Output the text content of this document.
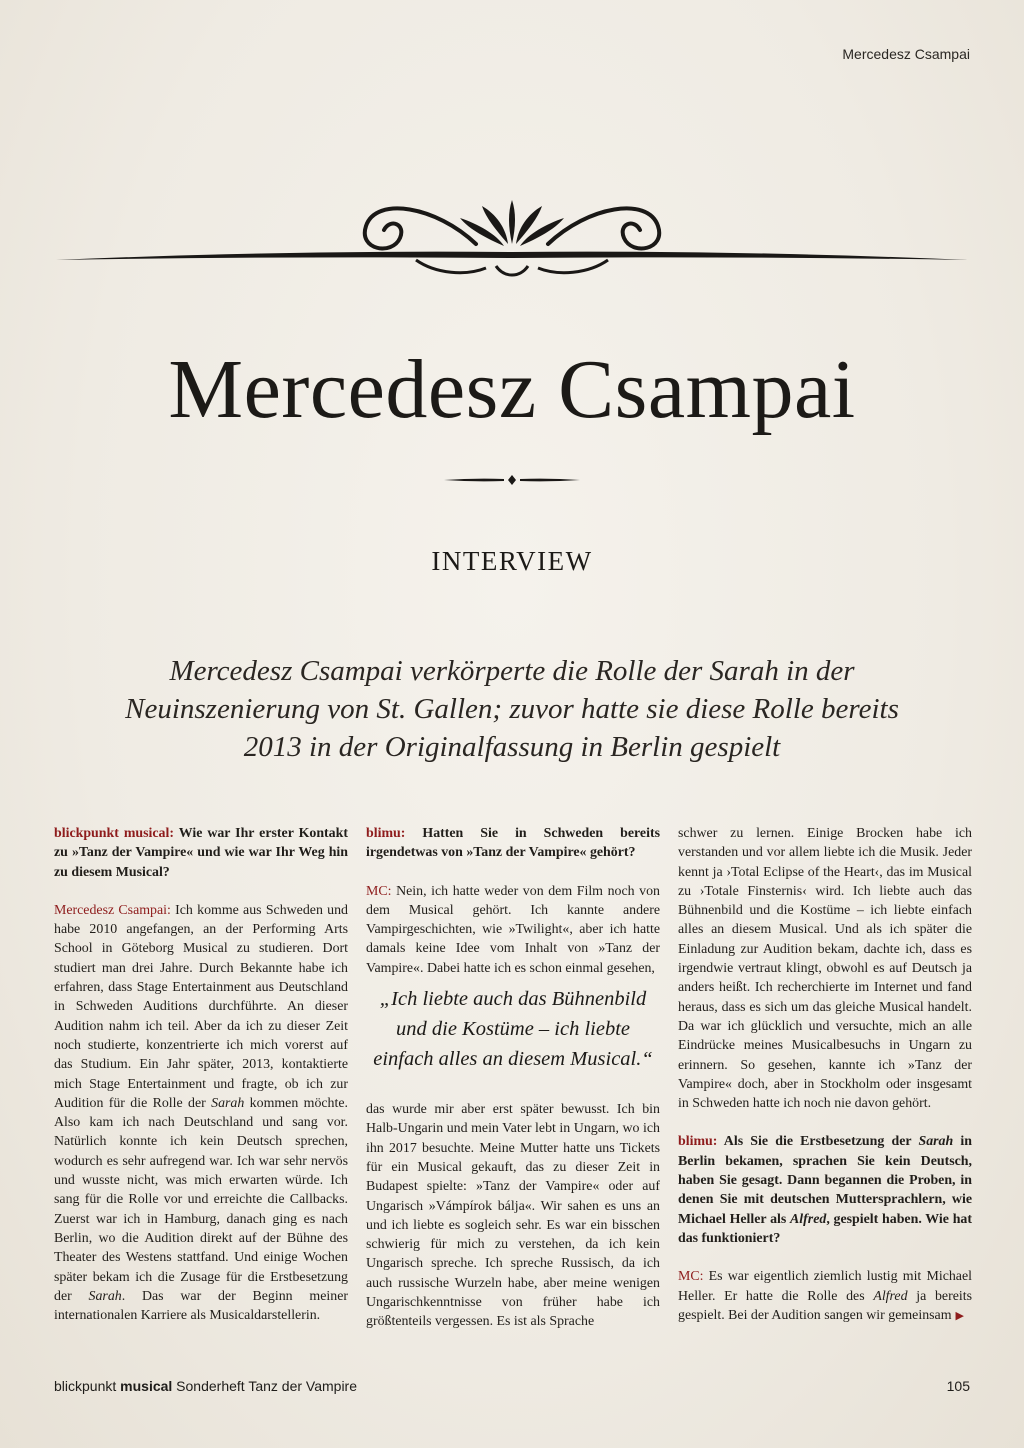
Mercedesz Csampai
Mercedesz Csampai
INTERVIEW

Mercedesz Csampai verkörperte die Rolle der Sarah in der Neuinszenierung von St. Gallen; zuvor hatte sie diese Rolle bereits 2013 in der Originalfassung in Berlin gespielt

blickpunkt musical: Wie war Ihr erster Kontakt zu »Tanz der Vampire« und wie war Ihr Weg hin zu diesem Musical?

Mercedesz Csampai: Ich komme aus Schweden und habe 2010 angefangen, an der Performing Arts School in Göteborg Musical zu studieren. Dort studiert man drei Jahre. Durch Bekannte habe ich erfahren, dass Stage Entertainment aus Deutschland in Schweden Auditions durchführte. An dieser Audition nahm ich teil. Aber da ich zu dieser Zeit noch studierte, konzentrierte ich mich vorerst auf das Studium. Ein Jahr später, 2013, kontaktierte mich Stage Entertainment und fragte, ob ich zur Audition für die Rolle der Sarah kommen möchte. Also kam ich nach Deutschland und sang vor. Natürlich konnte ich kein Deutsch sprechen, wodurch es sehr aufregend war. Ich war sehr nervös und wusste nicht, was mich erwarten würde. Ich sang für die Rolle vor und erreichte die Callbacks. Zuerst war ich in Hamburg, danach ging es nach Berlin, wo die Audition direkt auf der Bühne des Theater des Westens stattfand. Und einige Wochen später bekam ich die Zusage für die Erstbesetzung der Sarah. Das war der Beginn meiner internationalen Karriere als Musicaldarstellerin.

blimu: Hatten Sie in Schweden bereits irgendetwas von »Tanz der Vampire« gehört?

MC: Nein, ich hatte weder von dem Film noch von dem Musical gehört. Ich kannte andere Vampirgeschichten, wie »Twilight«, aber ich hatte damals keine Idee vom Inhalt von »Tanz der Vampire«. Dabei hatte ich es schon einmal gesehen,

„Ich liebte auch das Bühnenbild und die Kostüme – ich liebte einfach alles an diesem Musical.“

das wurde mir aber erst später bewusst. Ich bin Halb-Ungarin und mein Vater lebt in Ungarn, wo ich ihn 2017 besuchte. Meine Mutter hatte uns Tickets für ein Musical gekauft, das zu dieser Zeit in Budapest spielte: »Tanz der Vampire« oder auf Ungarisch »Vámpírok bálja«. Wir sahen es uns an und ich liebte es sogleich sehr. Es war ein bisschen schwierig für mich zu verstehen, da ich kein Ungarisch spreche. Ich spreche Russisch, da ich auch russische Wurzeln habe, aber meine wenigen Ungarischkenntnisse von früher habe ich größtenteils vergessen. Es ist als Sprache

schwer zu lernen. Einige Brocken habe ich verstanden und vor allem liebte ich die Musik. Jeder kennt ja ›Total Eclipse of the Heart‹, das im Musical zu ›Totale Finsternis‹ wird. Ich liebte auch das Bühnenbild und die Kostüme – ich liebte einfach alles an diesem Musical. Und als ich später die Einladung zur Audition bekam, dachte ich, dass es irgendwie vertraut klingt, obwohl es auf Deutsch ja anders heißt. Ich recherchierte im Internet und fand heraus, dass es sich um das gleiche Musical handelt. Da war ich glücklich und versuchte, mich an alle Eindrücke meines Musicalbesuchs in Ungarn zu erinnern. So gesehen, kannte ich »Tanz der Vampire« doch, aber in Stockholm oder insgesamt in Schweden hatte ich noch nie davon gehört.

blimu: Als Sie die Erstbesetzung der Sarah in Berlin bekamen, sprachen Sie kein Deutsch, haben Sie gesagt. Dann begannen die Proben, in denen Sie mit deutschen Muttersprachlern, wie Michael Heller als Alfred, gespielt haben. Wie hat das funktioniert?

MC: Es war eigentlich ziemlich lustig mit Michael Heller. Er hatte die Rolle des Alfred ja bereits gespielt. Bei der Audition sangen wir gemeinsam ▶

blickpunkt musical Sonderheft Tanz der Vampire	105
